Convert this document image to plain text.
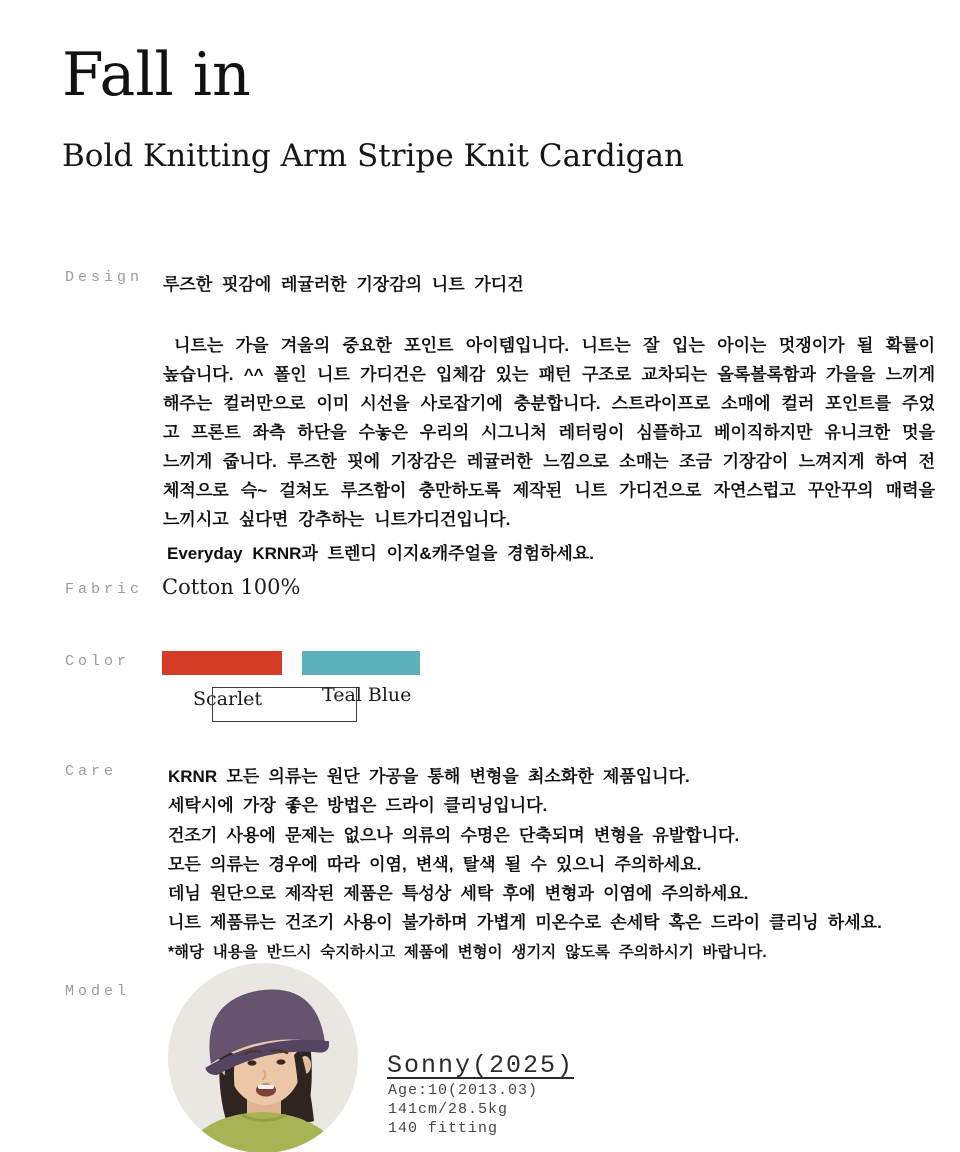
Fall in
Bold Knitting Arm Stripe Knit Cardigan
Design 루즈한 핏감에 레귤러한 기장감의 니트 가디건
니트는 가을 겨울의 중요한 포인트 아이템입니다. 니트는 잘 입는 아이는 멋쟁이가 될 확률이 높습니다. ^^ 폴인 니트 가디건은 입체감 있는 패턴 구조로 교차되는 올록볼록함과 가을을 느끼게 해주는 컬러만으로 이미 시선을 사로잡기에 충분합니다. 스트라이프로 소매에 컬러 포인트를 주었고 프론트 좌측 하단을 수놓은 우리의 시그니처 레터링이 심플하고 베이직하지만 유니크한 멋을 느끼게 줍니다. 루즈한 핏에 기장감은 레귤러한 느낌으로 소매는 조금 기장감이 느껴지게 하여 전체적으로 슥~ 걸쳐도 루즈함이 충만하도록 제작된 니트 가디건으로 자연스럽고 꾸안꾸의 매력을 느끼시고 싶다면 강추하는 니트가디건입니다.
Everyday KRNR과 트렌디 이지&캐주얼을 경험하세요.
Fabric Cotton 100%
Color
Scarlet	Teal Blue
Care	KRNR 모든 의류는 원단 가공을 통해 변형을 최소화한 제품입니다.
세탁시에 가장 좋은 방법은 드라이 클리닝입니다.
건조기 사용에 문제는 없으나 의류의 수명은 단축되며 변형을 유발합니다.
모든 의류는 경우에 따라 이염, 변색, 탈색 될 수 있으니 주의하세요.
데님 원단으로 제작된 제품은 특성상 세탁 후에 변형과 이염에 주의하세요.
니트 제품류는 건조기 사용이 불가하며 가볍게 미온수로 손세탁 혹은 드라이 클리닝 하세요.
*해당 내용을 반드시 숙지하시고 제품에 변형이 생기지 않도록 주의하시기 바랍니다.
Model
Sonny(2025)
Age:10(2013.03)
141cm/28.5kg
140 fitting
